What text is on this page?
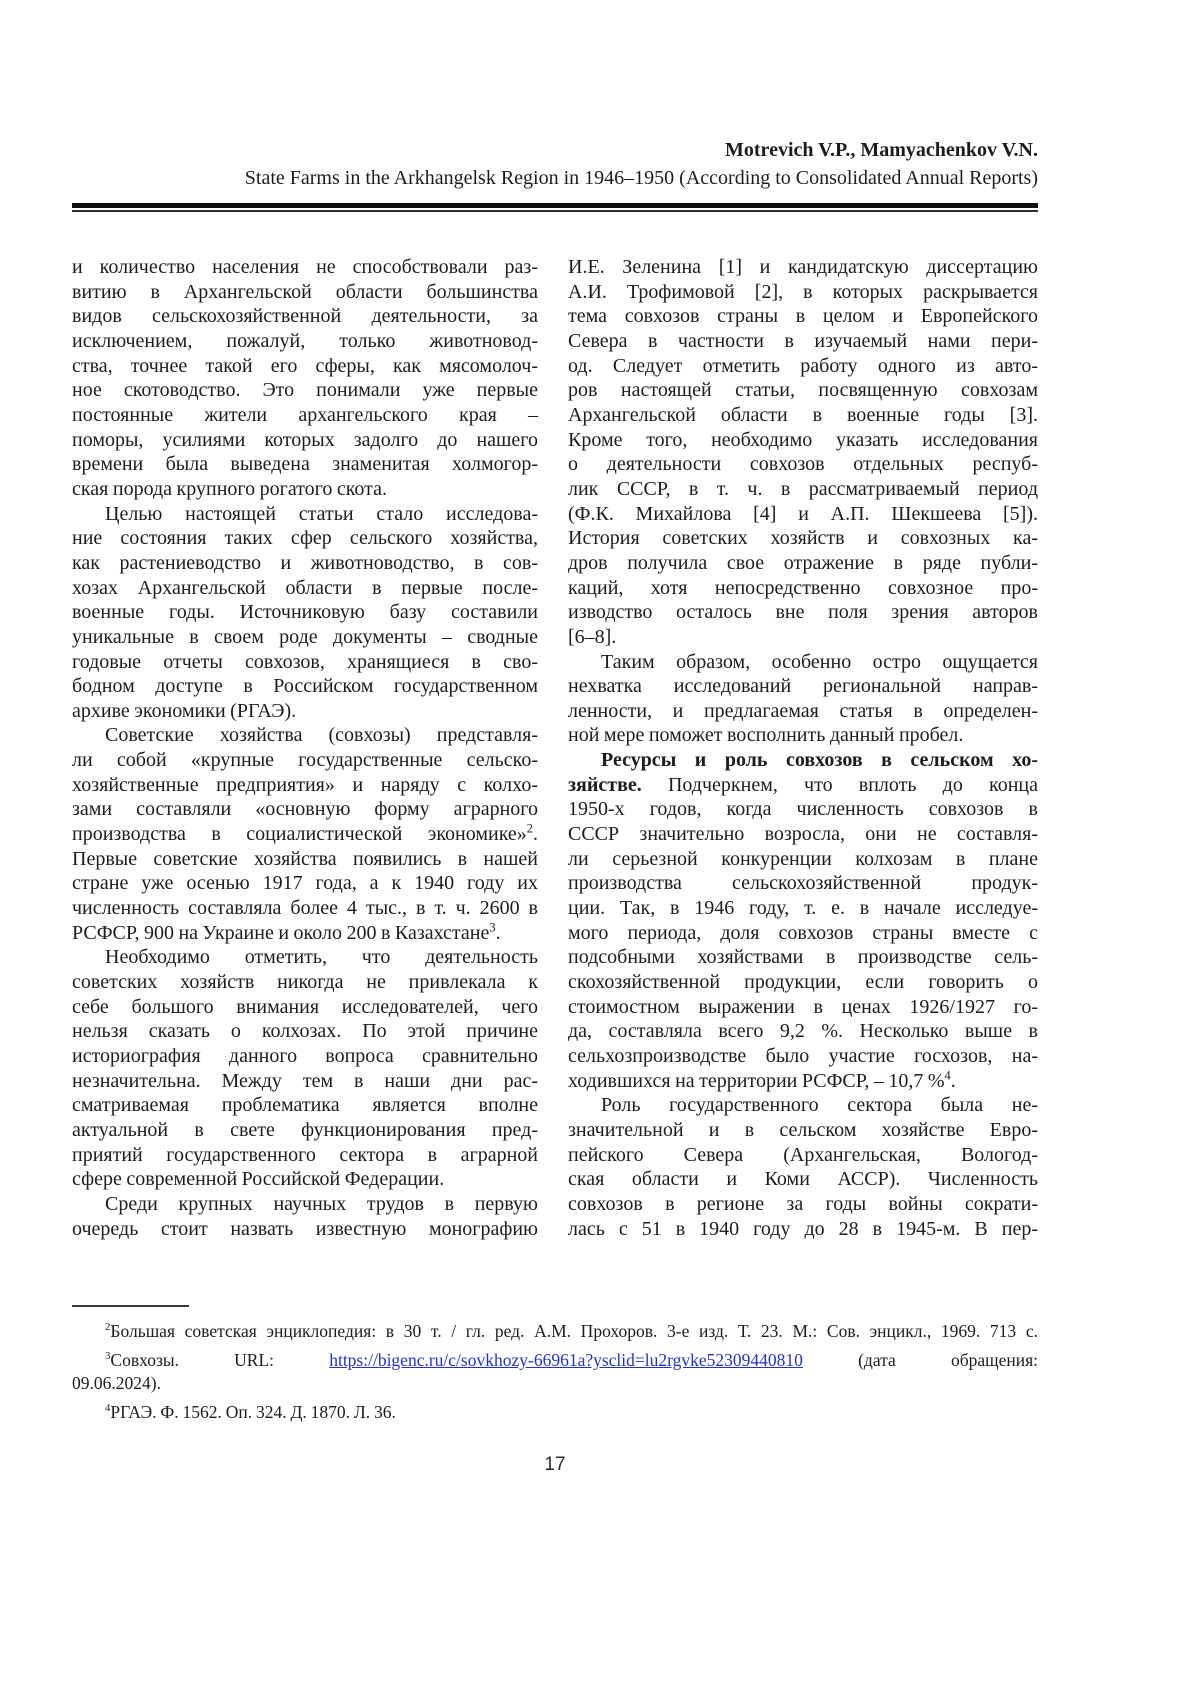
Motrevich V.P., Mamyachenkov V.N.
State Farms in the Arkhangelsk Region in 1946–1950 (According to Consolidated Annual Reports)
и количество населения не способствовали раз-
витию в Архангельской области большинства
видов сельскохозяйственной деятельности, за
исключением, пожалуй, только животновод-
ства, точнее такой его сферы, как мясомолоч-
ное скотоводство. Это понимали уже первые
постоянные жители архангельского края –
поморы, усилиями которых задолго до нашего
времени была выведена знаменитая холмогор-
ская порода крупного рогатого скота.
Целью настоящей статьи стало исследова-
ние состояния таких сфер сельского хозяйства,
как растениеводство и животноводство, в сов-
хозах Архангельской области в первые после-
военные годы. Источниковую базу составили
уникальные в своем роде документы – сводные
годовые отчеты совхозов, хранящиеся в сво-
бодном доступе в Российском государственном
архиве экономики (РГАЭ).
Советские хозяйства (совхозы) представля-
ли собой «крупные государственные сельско-
хозяйственные предприятия» и наряду с колхо-
зами составляли «основную форму аграрного
производства в социалистической экономике»$^2$.
Первые советские хозяйства появились в нашей
стране уже осенью 1917 года, а к 1940 году их
численность составляла более 4 тыс., в т. ч. 2600 в
РСФСР, 900 на Украине и около 200 в Казахстане$^3$.
Необходимо отметить, что деятельность
советских хозяйств никогда не привлекала к
себе большого внимания исследователей, чего
нельзя сказать о колхозах. По этой причине
историография данного вопроса сравнительно
незначительна. Между тем в наши дни рас-
сматриваемая проблематика является вполне
актуальной в свете функционирования пред-
приятий государственного сектора в аграрной
сфере современной Российской Федерации.
Среди крупных научных трудов в первую
очередь стоит назвать известную монографию
И.Е. Зеленина [1] и кандидатскую диссертацию
А.И. Трофимовой [2], в которых раскрывается
тема совхозов страны в целом и Европейского
Севера в частности в изучаемый нами пери-
од. Следует отметить работу одного из авто-
ров настоящей статьи, посвященную совхозам
Архангельской области в военные годы [3].
Кроме того, необходимо указать исследования
о деятельности совхозов отдельных респуб-
лик СССР, в т. ч. в рассматриваемый период
(Ф.К. Михайлова [4] и А.П. Шекшеева [5]).
История советских хозяйств и совхозных ка-
дров получила свое отражение в ряде публи-
каций, хотя непосредственно совхозное про-
изводство осталось вне поля зрения авторов
[6–8].
Таким образом, особенно остро ощущается
нехватка исследований региональной направ-
ленности, и предлагаемая статья в определен-
ной мере поможет восполнить данный пробел.
Ресурсы и роль совхозов в сельском хо-
зяйстве. Подчеркнем, что вплоть до конца
1950-х годов, когда численность совхозов в
СССР значительно возросла, они не составля-
ли серьезной конкуренции колхозам в плане
производства сельскохозяйственной продук-
ции. Так, в 1946 году, т. е. в начале исследуе-
мого периода, доля совхозов страны вместе с
подсобными хозяйствами в производстве сель-
скохозяйственной продукции, если говорить о
стоимостном выражении в ценах 1926/1927 го-
да, составляла всего 9,2 %. Несколько выше в
сельхозпроизводстве было участие госхозов, на-
ходившихся на территории РСФСР, – 10,7 %$^4$.
Роль государственного сектора была не-
значительной и в сельском хозяйстве Евро-
пейского Севера (Архангельская, Вологод-
ская области и Коми АССР). Численность
совхозов в регионе за годы войны сократи-
лась с 51 в 1940 году до 28 в 1945-м. В пер-
$^2$Большая советская энциклопедия: в 30 т. / гл. ред. А.М. Прохоров. 3-е изд. Т. 23. М.: Сов. энцикл., 1969. 713 с.
$^3$Совхозы. URL: https://bigenc.ru/c/sovkhozy-66961a?ysclid=lu2rgvke52309440810 (дата обращения:
09.06.2024).
$^4$РГАЭ. Ф. 1562. Оп. 324. Д. 1870. Л. 36.
17
